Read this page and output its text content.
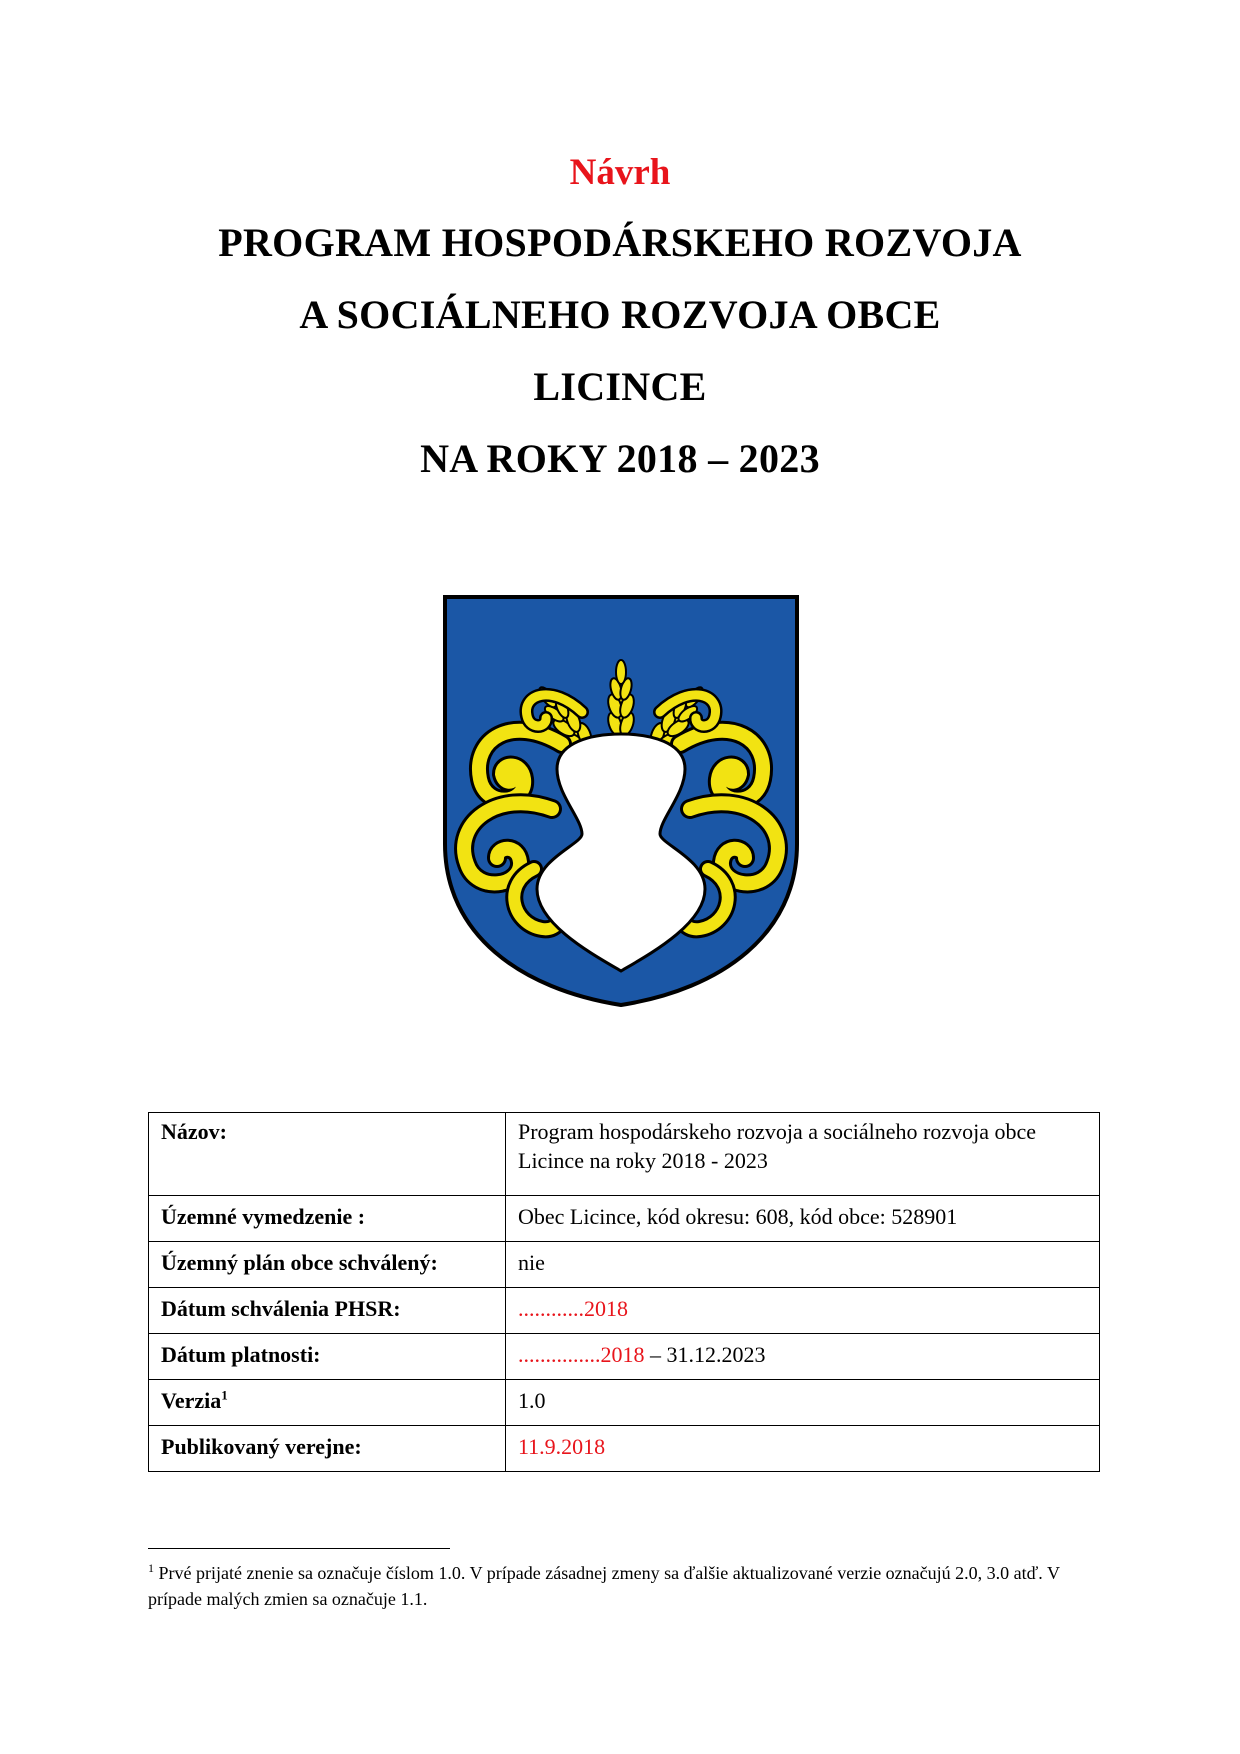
Návrh
PROGRAM HOSPODÁRSKEHO ROZVOJA
A SOCIÁLNEHO ROZVOJA OBCE
LICINCE
NA ROKY 2018 – 2023
Názov:	Program hospodárskeho rozvoja a sociálneho rozvoja obce Licince na roky 2018 - 2023
Územné vymedzenie :	Obec Licince, kód okresu: 608, kód obce: 528901
Územný plán obce schválený:	nie
Dátum schválenia PHSR:	............2018
Dátum platnosti:	...............2018 – 31.12.2023
Verzia$^1$	1.0
Publikovaný verejne:	11.9.2018
$^1$ Prvé prijaté znenie sa označuje číslom 1.0. V prípade zásadnej zmeny sa ďalšie aktualizované verzie označujú 2.0, 3.0 atď. V prípade malých zmien sa označuje 1.1.
